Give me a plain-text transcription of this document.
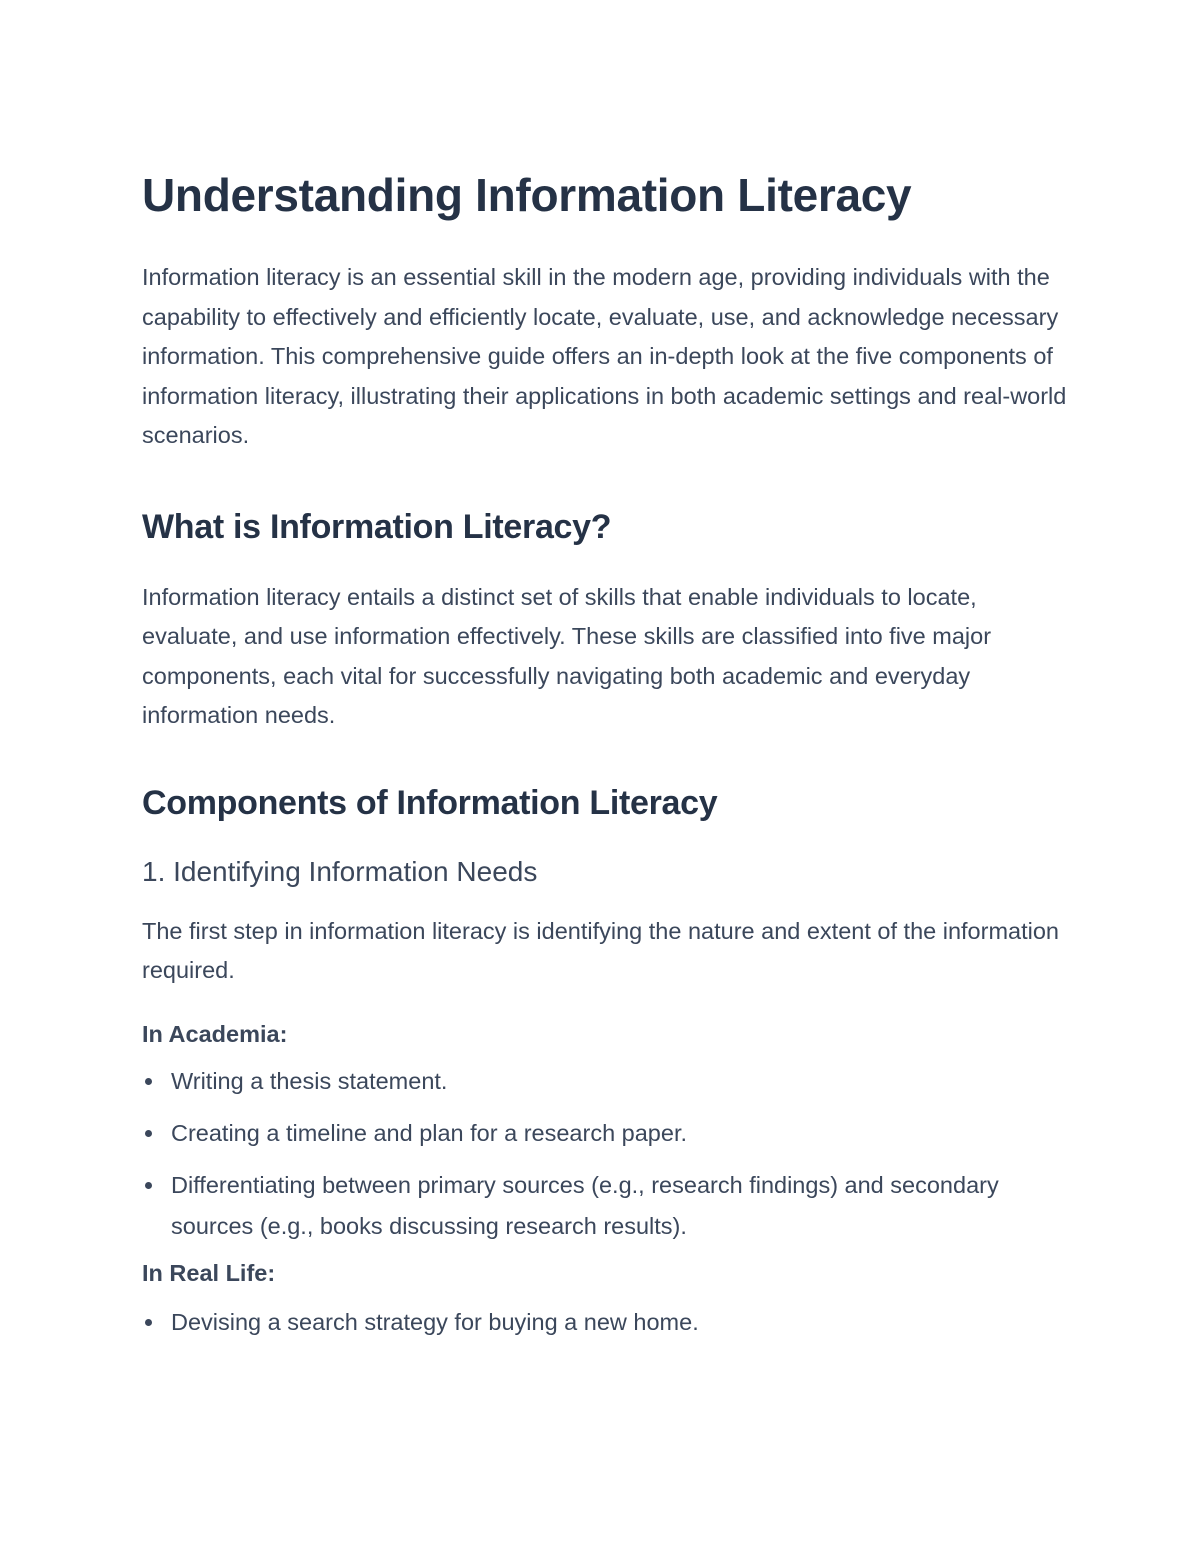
Understanding Information Literacy

Information literacy is an essential skill in the modern age, providing individuals with the capability to effectively and efficiently locate, evaluate, use, and acknowledge necessary information. This comprehensive guide offers an in-depth look at the five components of information literacy, illustrating their applications in both academic settings and real-world scenarios.

What is Information Literacy?

Information literacy entails a distinct set of skills that enable individuals to locate, evaluate, and use information effectively. These skills are classified into five major components, each vital for successfully navigating both academic and everyday information needs.

Components of Information Literacy
1. Identifying Information Needs

The first step in information literacy is identifying the nature and extent of the information required.

In Academia:
Writing a thesis statement.
Creating a timeline and plan for a research paper.
Differentiating between primary sources (e.g., research findings) and secondary sources (e.g., books discussing research results).
In Real Life:
Devising a search strategy for buying a new home.
